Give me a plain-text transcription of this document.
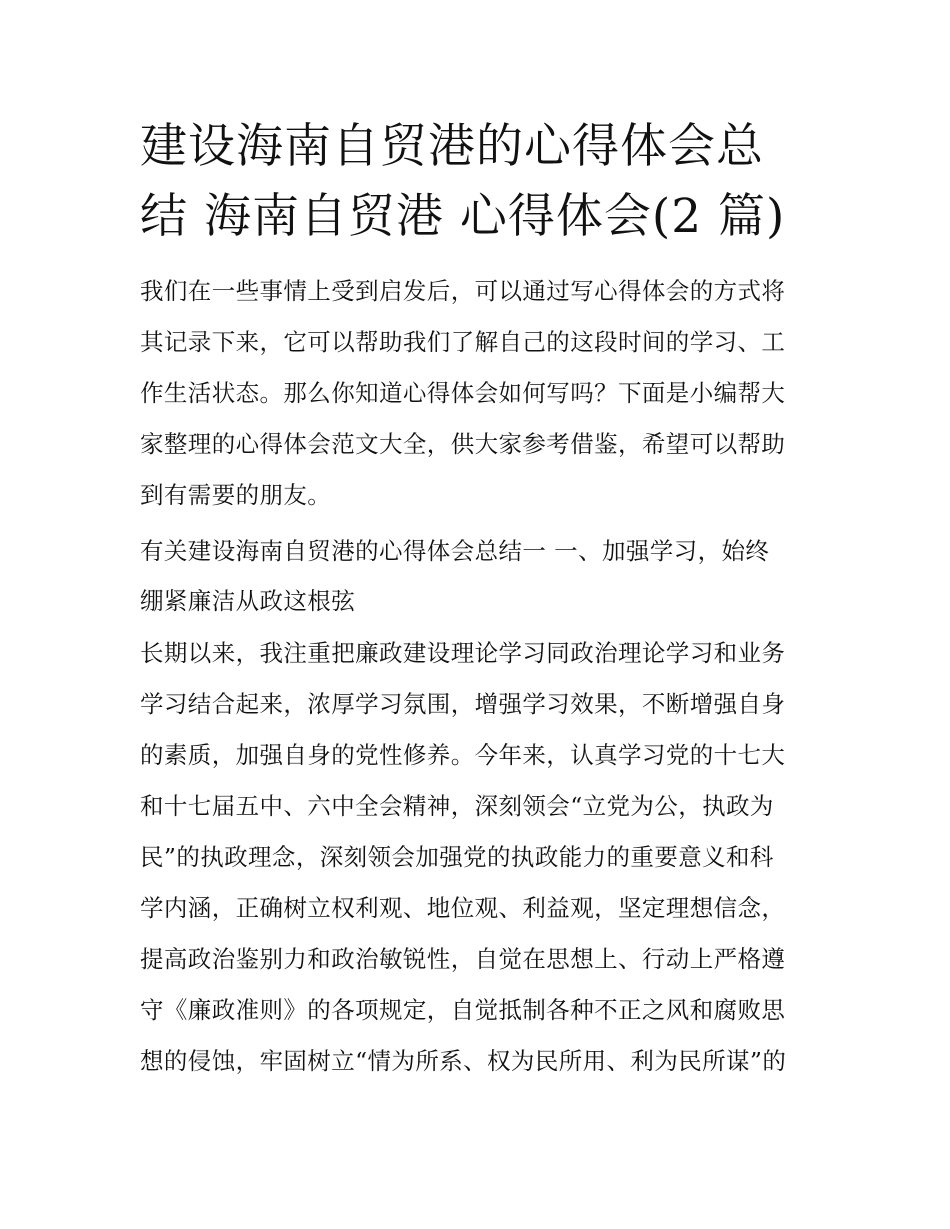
建设海南自贸港的心得体会总
结 海南自贸港 心得体会(2 篇)

我们在一些事情上受到启发后，可以通过写心得体会的方式将
其记录下来，它可以帮助我们了解自己的这段时间的学习、工
作生活状态。那么你知道心得体会如何写吗？下面是小编帮大
家整理的心得体会范文大全，供大家参考借鉴，希望可以帮助
到有需要的朋友。

有关建设海南自贸港的心得体会总结一 一、加强学习，始终
绷紧廉洁从政这根弦

长期以来，我注重把廉政建设理论学习同政治理论学习和业务
学习结合起来，浓厚学习氛围，增强学习效果，不断增强自身
的素质，加强自身的党性修养。今年来，认真学习党的十七大
和十七届五中、六中全会精神，深刻领会“立党为公，执政为
民”的执政理念，深刻领会加强党的执政能力的重要意义和科
学内涵，正确树立权利观、地位观、利益观，坚定理想信念，
提高政治鉴别力和政治敏锐性，自觉在思想上、行动上严格遵
守《廉政准则》的各项规定，自觉抵制各种不正之风和腐败思
想的侵蚀，牢固树立“情为所系、权为民所用、利为民所谋”的
